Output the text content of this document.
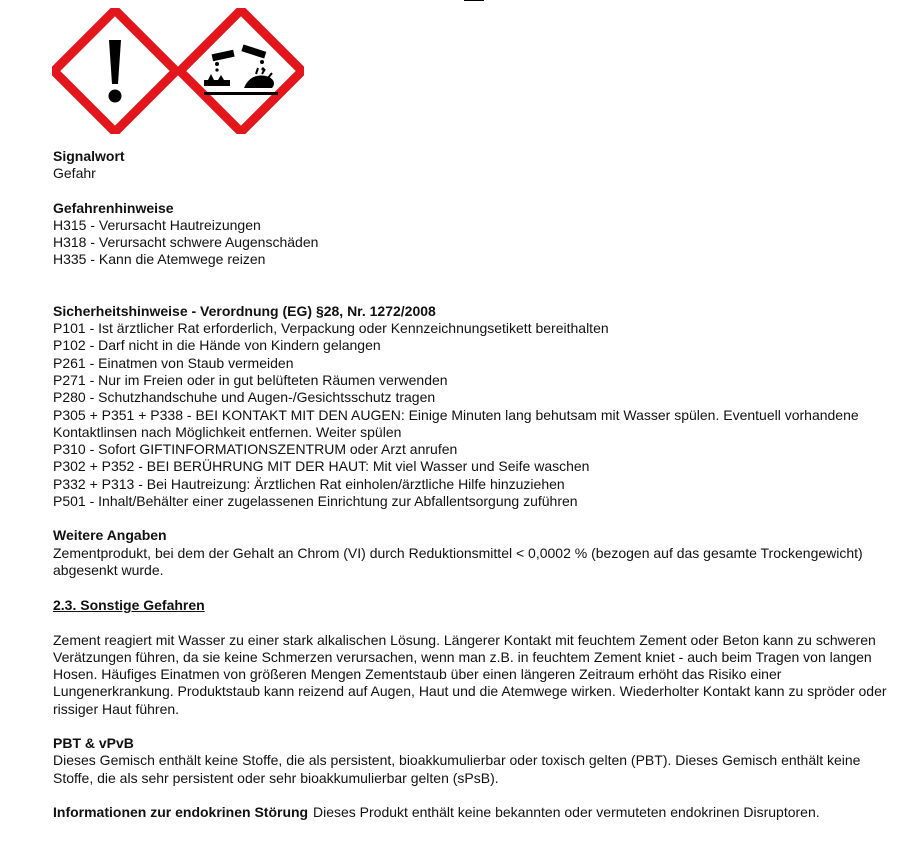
Signalwort
Gefahr
Gefahrenhinweise
H315 - Verursacht Hautreizungen
H318 - Verursacht schwere Augenschäden
H335 - Kann die Atemwege reizen
Sicherheitshinweise - Verordnung (EG) §28, Nr. 1272/2008
P101 - Ist ärztlicher Rat erforderlich, Verpackung oder Kennzeichnungsetikett bereithalten
P102 - Darf nicht in die Hände von Kindern gelangen
P261 - Einatmen von Staub vermeiden
P271 - Nur im Freien oder in gut belüfteten Räumen verwenden
P280 - Schutzhandschuhe und Augen-/Gesichtsschutz tragen
P305 + P351 + P338 - BEI KONTAKT MIT DEN AUGEN: Einige Minuten lang behutsam mit Wasser spülen. Eventuell vorhandene Kontaktlinsen nach Möglichkeit entfernen. Weiter spülen
P310 - Sofort GIFTINFORMATIONSZENTRUM oder Arzt anrufen
P302 + P352 - BEI BERÜHRUNG MIT DER HAUT: Mit viel Wasser und Seife waschen
P332 + P313 - Bei Hautreizung: Ärztlichen Rat einholen/ärztliche Hilfe hinzuziehen
P501 - Inhalt/Behälter einer zugelassenen Einrichtung zur Abfallentsorgung zuführen
Weitere Angaben
Zementprodukt, bei dem der Gehalt an Chrom (VI) durch Reduktionsmittel < 0,0002 % (bezogen auf das gesamte Trockengewicht) abgesenkt wurde.
2.3. Sonstige Gefahren
Zement reagiert mit Wasser zu einer stark alkalischen Lösung. Längerer Kontakt mit feuchtem Zement oder Beton kann zu schweren Verätzungen führen, da sie keine Schmerzen verursachen, wenn man z.B. in feuchtem Zement kniet - auch beim Tragen von langen Hosen. Häufiges Einatmen von größeren Mengen Zementstaub über einen längeren Zeitraum erhöht das Risiko einer Lungenerkrankung. Produktstaub kann reizend auf Augen, Haut und die Atemwege wirken. Wiederholter Kontakt kann zu spröder oder rissiger Haut führen.
PBT & vPvB
Dieses Gemisch enthält keine Stoffe, die als persistent, bioakkumulierbar oder toxisch gelten (PBT). Dieses Gemisch enthält keine Stoffe, die als sehr persistent oder sehr bioakkumulierbar gelten (sPsB).
Informationen zur endokrinen Störung Dieses Produkt enthält keine bekannten oder vermuteten endokrinen Disruptoren.
